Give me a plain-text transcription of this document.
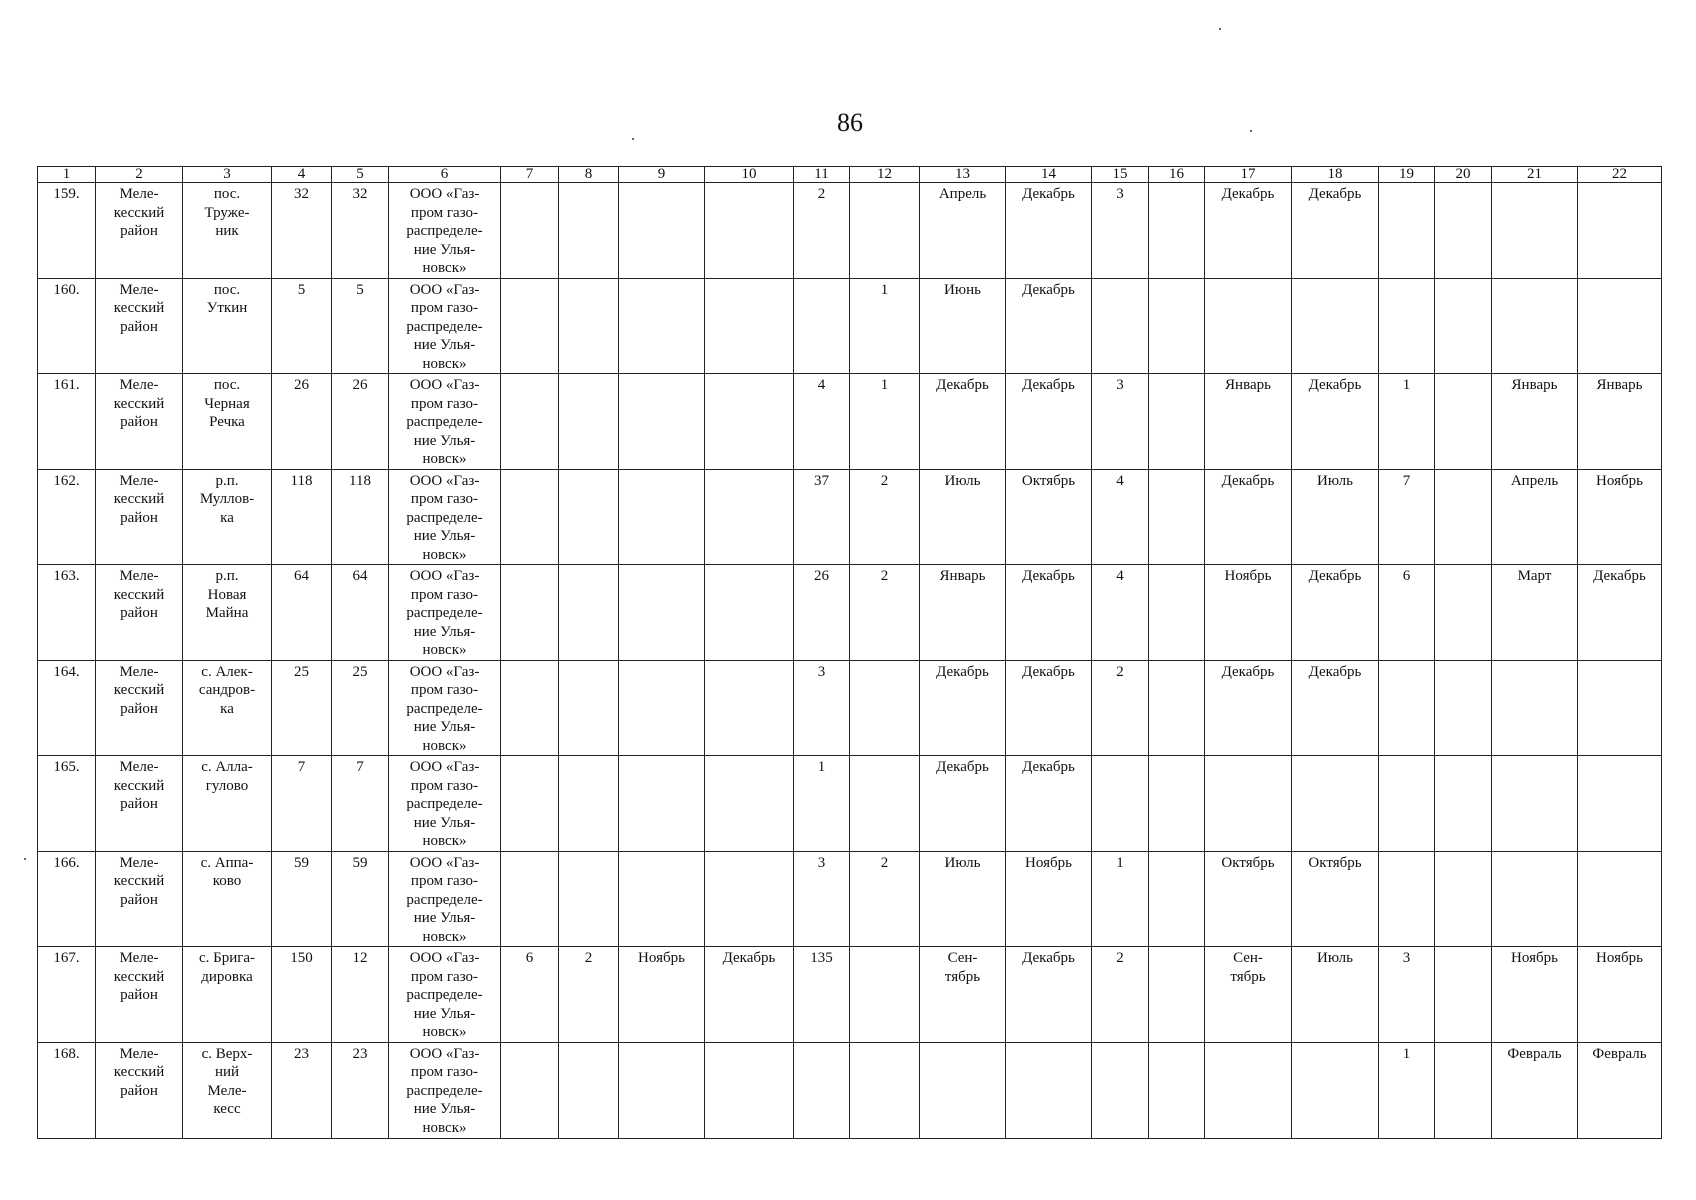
86
1	2	3	4	5	6	7	8	9	10	11	12	13	14	15	16	17	18	19	20	21	22
159.	Меле-
кесский
район	пос.
Труже-
ник	32	32	ООО «Газ-
пром газо-
распределе-
ние Улья-
новск»					2		Апрель	Декабрь	3		Декабрь	Декабрь				
160.	Меле-
кесский
район	пос.
Уткин	5	5	ООО «Газ-
пром газо-
распределе-
ние Улья-
новск»						1	Июнь	Декабрь								
161.	Меле-
кесский
район	пос.
Черная
Речка	26	26	ООО «Газ-
пром газо-
распределе-
ние Улья-
новск»					4	1	Декабрь	Декабрь	3		Январь	Декабрь	1		Январь	Январь
162.	Меле-
кесский
район	р.п.
Муллов-
ка	118	118	ООО «Газ-
пром газо-
распределе-
ние Улья-
новск»					37	2	Июль	Октябрь	4		Декабрь	Июль	7		Апрель	Ноябрь
163.	Меле-
кесский
район	р.п.
Новая
Майна	64	64	ООО «Газ-
пром газо-
распределе-
ние Улья-
новск»					26	2	Январь	Декабрь	4		Ноябрь	Декабрь	6		Март	Декабрь
164.	Меле-
кесский
район	с. Алек-
сандров-
ка	25	25	ООО «Газ-
пром газо-
распределе-
ние Улья-
новск»					3		Декабрь	Декабрь	2		Декабрь	Декабрь				
165.	Меле-
кесский
район	с. Алла-
гулово	7	7	ООО «Газ-
пром газо-
распределе-
ние Улья-
новск»					1		Декабрь	Декабрь								
166.	Меле-
кесский
район	с. Аппа-
ково	59	59	ООО «Газ-
пром газо-
распределе-
ние Улья-
новск»					3	2	Июль	Ноябрь	1		Октябрь	Октябрь				
167.	Меле-
кесский
район	с. Бригa-
дировка	150	12	ООО «Газ-
пром газо-
распределе-
ние Улья-
новск»	6	2	Ноябрь	Декабрь	135		Сен-
тябрь	Декабрь	2		Сен-
тябрь	Июль	3		Ноябрь	Ноябрь
168.	Меле-
кесский
район	с. Верх-
ний
Меле-
кесс	23	23	ООО «Газ-
пром газо-
распределе-
ние Улья-
новск»													1		Февраль	Февраль
